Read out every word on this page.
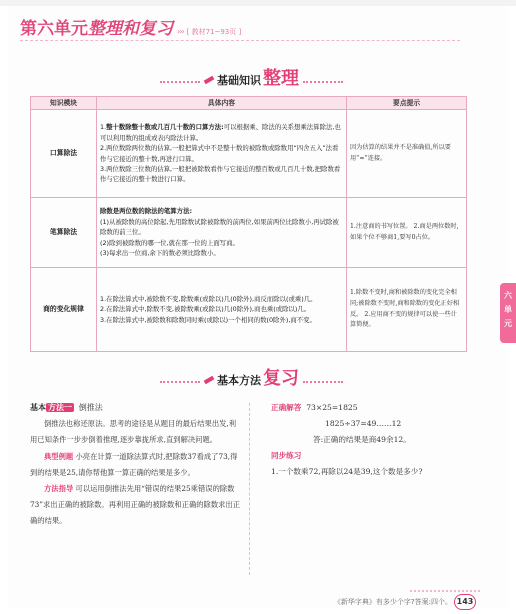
第六单元 整理和复习 ››› [ 教材71~93页 ]
基础知识 整理
知识模块	具体内容	要点提示
口算除法	1.整十数除整十数或几百几十数的口算方法:可以根据乘、除法的关系想乘法算除法,也可以利用数的组成或表内除法计算。
2.两位数除两位数的估算,一般把算式中不是整十数的被除数或除数用“四舍五入”法看作与它接近的整十数,再进行口算。
3.两位数除三位数的估算,一般把被除数看作与它接近的整百数或几百几十数,把除数看作与它接近的整十数进行口算。	因为估算的结果并不是准确值,所以要用“≈”连接。
笔算除法	除数是两位数的除法的笔算方法:
(1)从被除数的高位除起,先用除数试除被除数的前两位,如果前两位比除数小,再试除被除数的前三位。
(2)除到被除数的哪一位,就在那一位的上面写商。
(3)每求出一位商,余下的数必须比除数小。	1.注意商的书写位置。 2.商是两位数时,如果个位不够商1,要写0占位。
商的变化规律	1.在除法算式中,被除数不变,除数乘(或除以)几(0除外),商反而除以(或乘)几。
2.在除法算式中,除数不变,被除数乘(或除以)几(0除外),商也乘(或除以)几。
3.在除法算式中,被除数和除数同时乘(或除以)一个相同的数(0除外),商不变。	1.除数不变时,商和被除数的变化完全相同;被除数不变时,商和除数的变化正好相反。 2.应用商不变的规律可以使一些计算简便。
六
单
元
基本方法 复习
基本 方法一 倒推法
倒推法也称还原法。思考的途径是从题目的最后结果出发,利用已知条件一步步倒着推理,逐步靠拢所求,直到解决问题。
典型例题 小亮在计算一道除法算式时,把除数37看成了73,得到的结果是25,请你帮他算一算正确的结果是多少。
方法指导 可以运用倒推法先用“错误的结果25乘错误的除数73”求出正确的被除数。再利用正确的被除数和正确的除数求出正确的结果。
正确解答 73×25=1825
1825÷37=49……12
答:正确的结果是商49余12。
同步练习
1.一个数乘72,再除以24是39,这个数是多少?
《新华字典》有多少个字?答案:四个。 143
